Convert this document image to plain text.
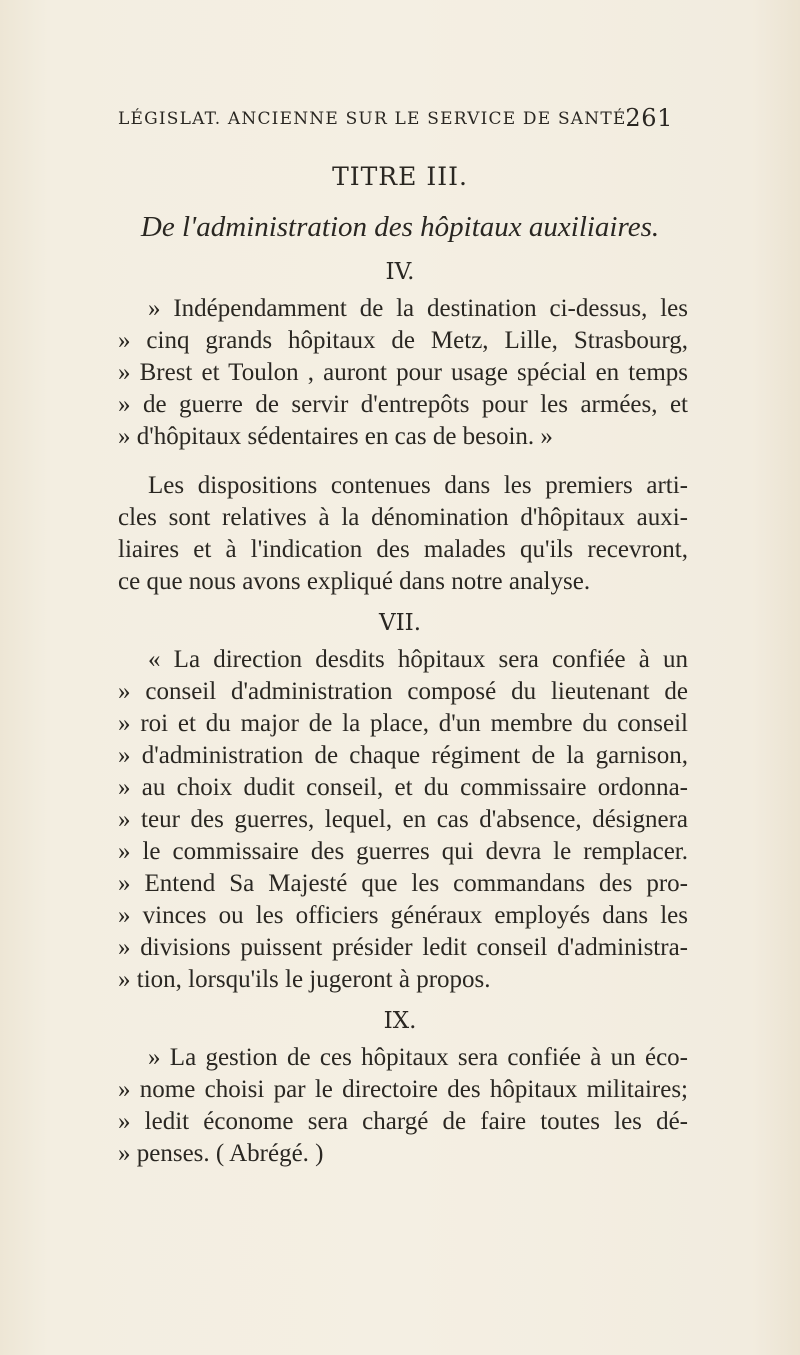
LÉGISLAT. ANCIENNE SUR LE SERVICE DE SANTÉ.
261
TITRE III.
De l'administration des hôpitaux auxiliaires.
IV.
» Indépendamment de la destination ci-dessus, les
» cinq grands hôpitaux de Metz, Lille, Strasbourg,
» Brest et Toulon , auront pour usage spécial en temps
» de guerre de servir d'entrepôts pour les armées, et
» d'hôpitaux sédentaires en cas de besoin. »
Les dispositions contenues dans les premiers arti-
cles sont relatives à la dénomination d'hôpitaux auxi-
liaires et à l'indication des malades qu'ils recevront,
ce que nous avons expliqué dans notre analyse.
VII.
« La direction desdits hôpitaux sera confiée à un
» conseil d'administration composé du lieutenant de
» roi et du major de la place, d'un membre du conseil
» d'administration de chaque régiment de la garnison,
» au choix dudit conseil, et du commissaire ordonna-
» teur des guerres, lequel, en cas d'absence, désignera
» le commissaire des guerres qui devra le remplacer.
» Entend Sa Majesté que les commandans des pro-
» vinces ou les officiers généraux employés dans les
» divisions puissent présider ledit conseil d'administra-
» tion, lorsqu'ils le jugeront à propos.
IX.
» La gestion de ces hôpitaux sera confiée à un éco-
» nome choisi par le directoire des hôpitaux militaires;
» ledit économe sera chargé de faire toutes les dé-
» penses. ( Abrégé. )
